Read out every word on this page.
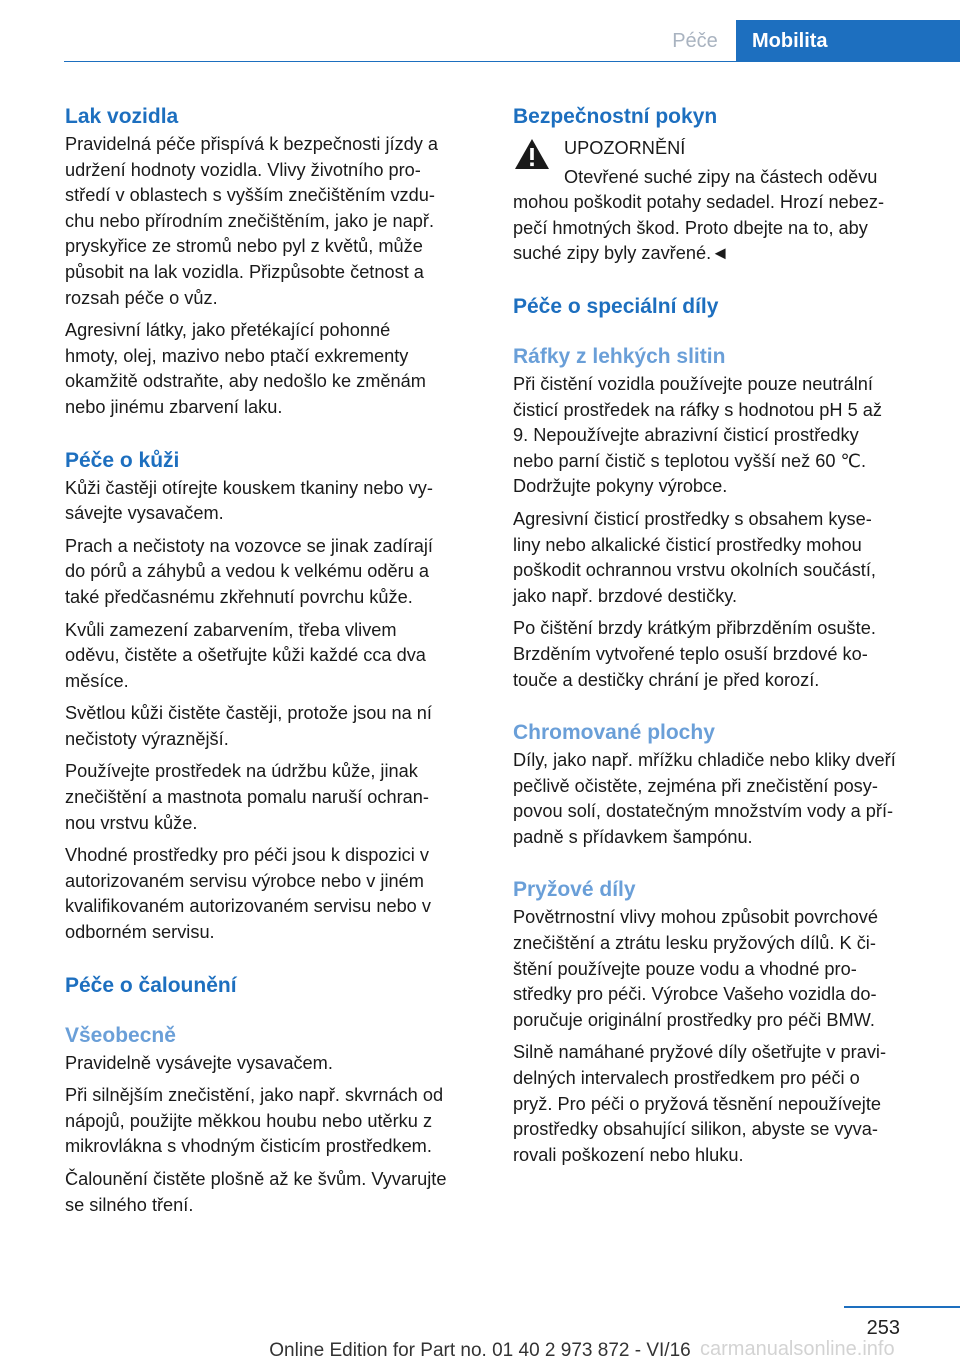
Péče	Mobilita
Lak vozidla

Pravidelná péče přispívá k bezpečnosti jízdy a
udržení hodnoty vozidla. Vlivy životního pro-
středí v oblastech s vyšším znečištěním vzdu-
chu nebo přírodním znečištěním, jako je např.
pryskyřice ze stromů nebo pyl z květů, může
působit na lak vozidla. Přizpůsobte četnost a
rozsah péče o vůz.

Agresivní látky, jako přetékající pohonné
hmoty, olej, mazivo nebo ptačí exkrementy
okamžitě odstraňte, aby nedošlo ke změnám
nebo jinému zbarvení laku.

Péče o kůži

Kůži častěji otírejte kouskem tkaniny nebo vy-
sávejte vysavačem.

Prach a nečistoty na vozovce se jinak zadírají
do pórů a záhybů a vedou k velkému oděru a
také předčasnému zkřehnutí povrchu kůže.

Kvůli zamezení zabarvením, třeba vlivem
oděvu, čistěte a ošetřujte kůži každé cca dva
měsíce.

Světlou kůži čistěte častěji, protože jsou na ní
nečistoty výraznější.

Používejte prostředek na údržbu kůže, jinak
znečištění a mastnota pomalu naruší ochran-
nou vrstvu kůže.

Vhodné prostředky pro péči jsou k dispozici v
autorizovaném servisu výrobce nebo v jiném
kvalifikovaném autorizovaném servisu nebo v
odborném servisu.

Péče o čalounění
Všeobecně

Pravidelně vysávejte vysavačem.

Při silnějším znečistění, jako např. skvrnách od
nápojů, použijte měkkou houbu nebo utěrku z
mikrovlákna s vhodným čisticím prostředkem.

Čalounění čistěte plošně až ke švům. Vyvarujte
se silného tření.

Bezpečnostní pokyn

UPOZORNĚNÍ

Otevřené suché zipy na částech oděvu

mohou poškodit potahy sedadel. Hrozí nebez-
pečí hmotných škod. Proto dbejte na to, aby
suché zipy byly zavřené.◄

Péče o speciální díly
Ráfky z lehkých slitin

Při čistění vozidla používejte pouze neutrální
čisticí prostředek na ráfky s hodnotou pH 5 až
9. Nepoužívejte abrazivní čisticí prostředky
nebo parní čistič s teplotou vyšší než 60 ℃.
Dodržujte pokyny výrobce.

Agresivní čisticí prostředky s obsahem kyse-
liny nebo alkalické čisticí prostředky mohou
poškodit ochrannou vrstvu okolních součástí,
jako např. brzdové destičky.

Po čištění brzdy krátkým přibrzděním osušte.
Brzděním vytvořené teplo osuší brzdové ko-
touče a destičky chrání je před korozí.

Chromované plochy

Díly, jako např. mřížku chladiče nebo kliky dveří
pečlivě očistěte, zejména při znečistění posy-
povou solí, dostatečným množstvím vody a pří-
padně s přídavkem šampónu.

Pryžové díly

Povětrnostní vlivy mohou způsobit povrchové
znečištění a ztrátu lesku pryžových dílů. K či-
štění používejte pouze vodu a vhodné pro-
středky pro péči. Výrobce Vašeho vozidla do-
poručuje originální prostředky pro péči BMW.

Silně namáhané pryžové díly ošetřujte v pravi-
delných intervalech prostředkem pro péči o
pryž. Pro péči o pryžová těsnění nepoužívejte
prostředky obsahující silikon, abyste se vyva-
rovali poškození nebo hluku.

253
Online Edition for Part no. 01 40 2 973 872 - VI/16 carmanualsonline.info
